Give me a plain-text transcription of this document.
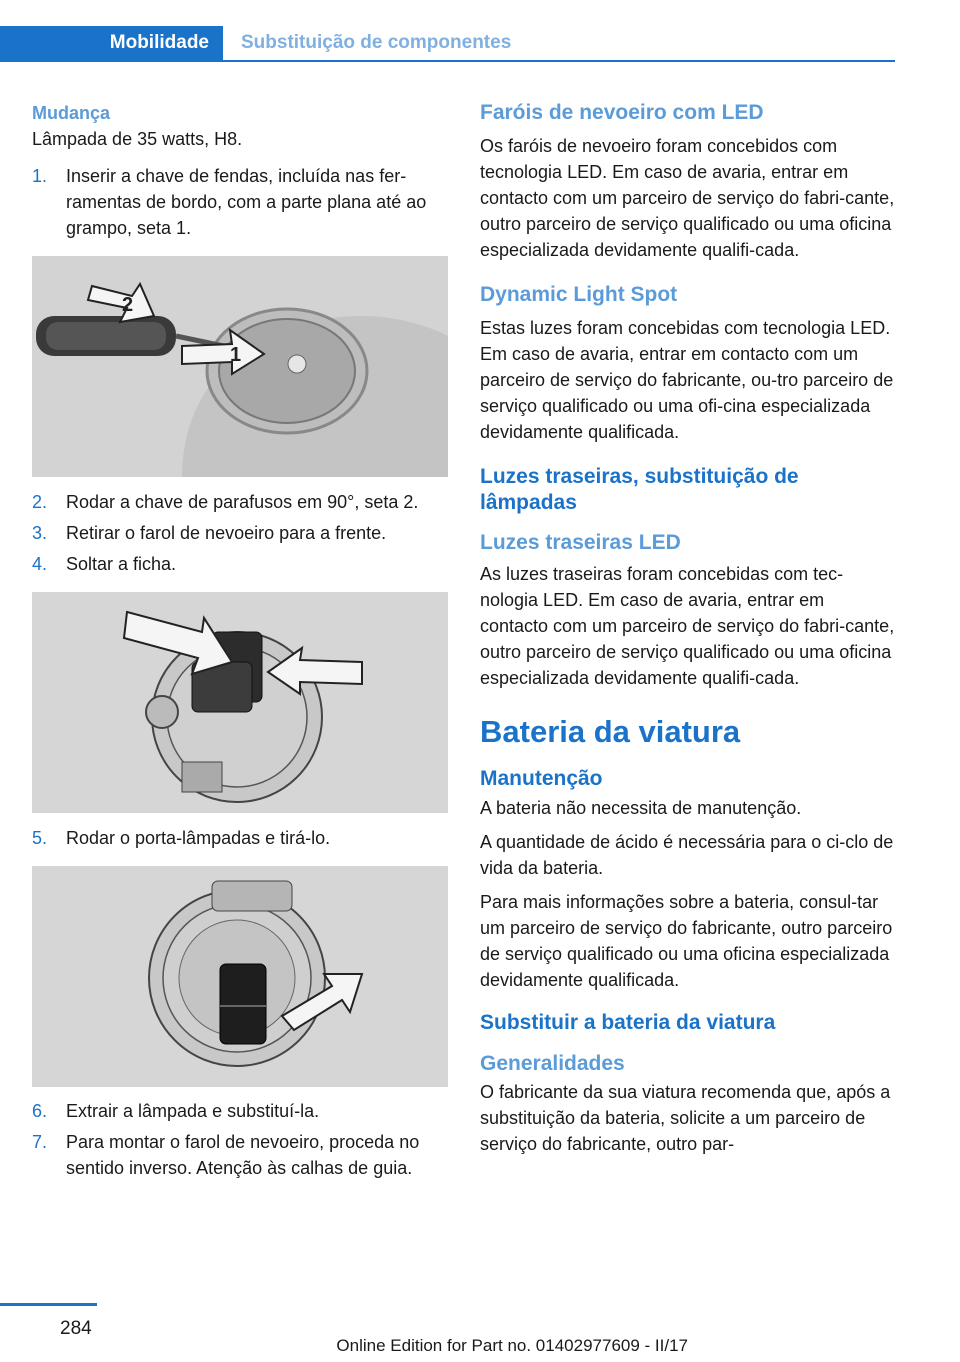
Mobilidade	Substituição de componentes

Mudança

Lâmpada de 35 watts, H8.

1.	Inserir a chave de fendas, incluída nas fer‐ramentas de bordo, com a parte plana até ao grampo, seta 1.
2
1
2.	Rodar a chave de parafusos em 90°, seta 2.
3.	Retirar o farol de nevoeiro para a frente.
4.	Soltar a ficha.
5.	Rodar o porta-lâmpadas e tirá-lo.
6.	Extrair a lâmpada e substituí-la.
7.	Para montar o farol de nevoeiro, proceda no sentido inverso. Atenção às calhas de guia.

Faróis de nevoeiro com LED

Os faróis de nevoeiro foram concebidos com tecnologia LED. Em caso de avaria, entrar em contacto com um parceiro de serviço do fabri‐cante, outro parceiro de serviço qualificado ou uma oficina especializada devidamente qualifi‐cada.

Dynamic Light Spot

Estas luzes foram concebidas com tecnologia LED. Em caso de avaria, entrar em contacto com um parceiro de serviço do fabricante, ou‐tro parceiro de serviço qualificado ou uma ofi‐cina especializada devidamente qualificada.

Luzes traseiras, substituição de lâmpadas

Luzes traseiras LED

As luzes traseiras foram concebidas com tec‐nologia LED. Em caso de avaria, entrar em contacto com um parceiro de serviço do fabri‐cante, outro parceiro de serviço qualificado ou uma oficina especializada devidamente qualifi‐cada.

Bateria da viatura

Manutenção

A bateria não necessita de manutenção.

A quantidade de ácido é necessária para o ci‐clo de vida da bateria.

Para mais informações sobre a bateria, consul‐tar um parceiro de serviço do fabricante, outro parceiro de serviço qualificado ou uma oficina especializada devidamente qualificada.

Substituir a bateria da viatura

Generalidades

O fabricante da sua viatura recomenda que, após a substituição da bateria, solicite a um parceiro de serviço do fabricante, outro par‐

284
Online Edition for Part no. 01402977609 - II/17
